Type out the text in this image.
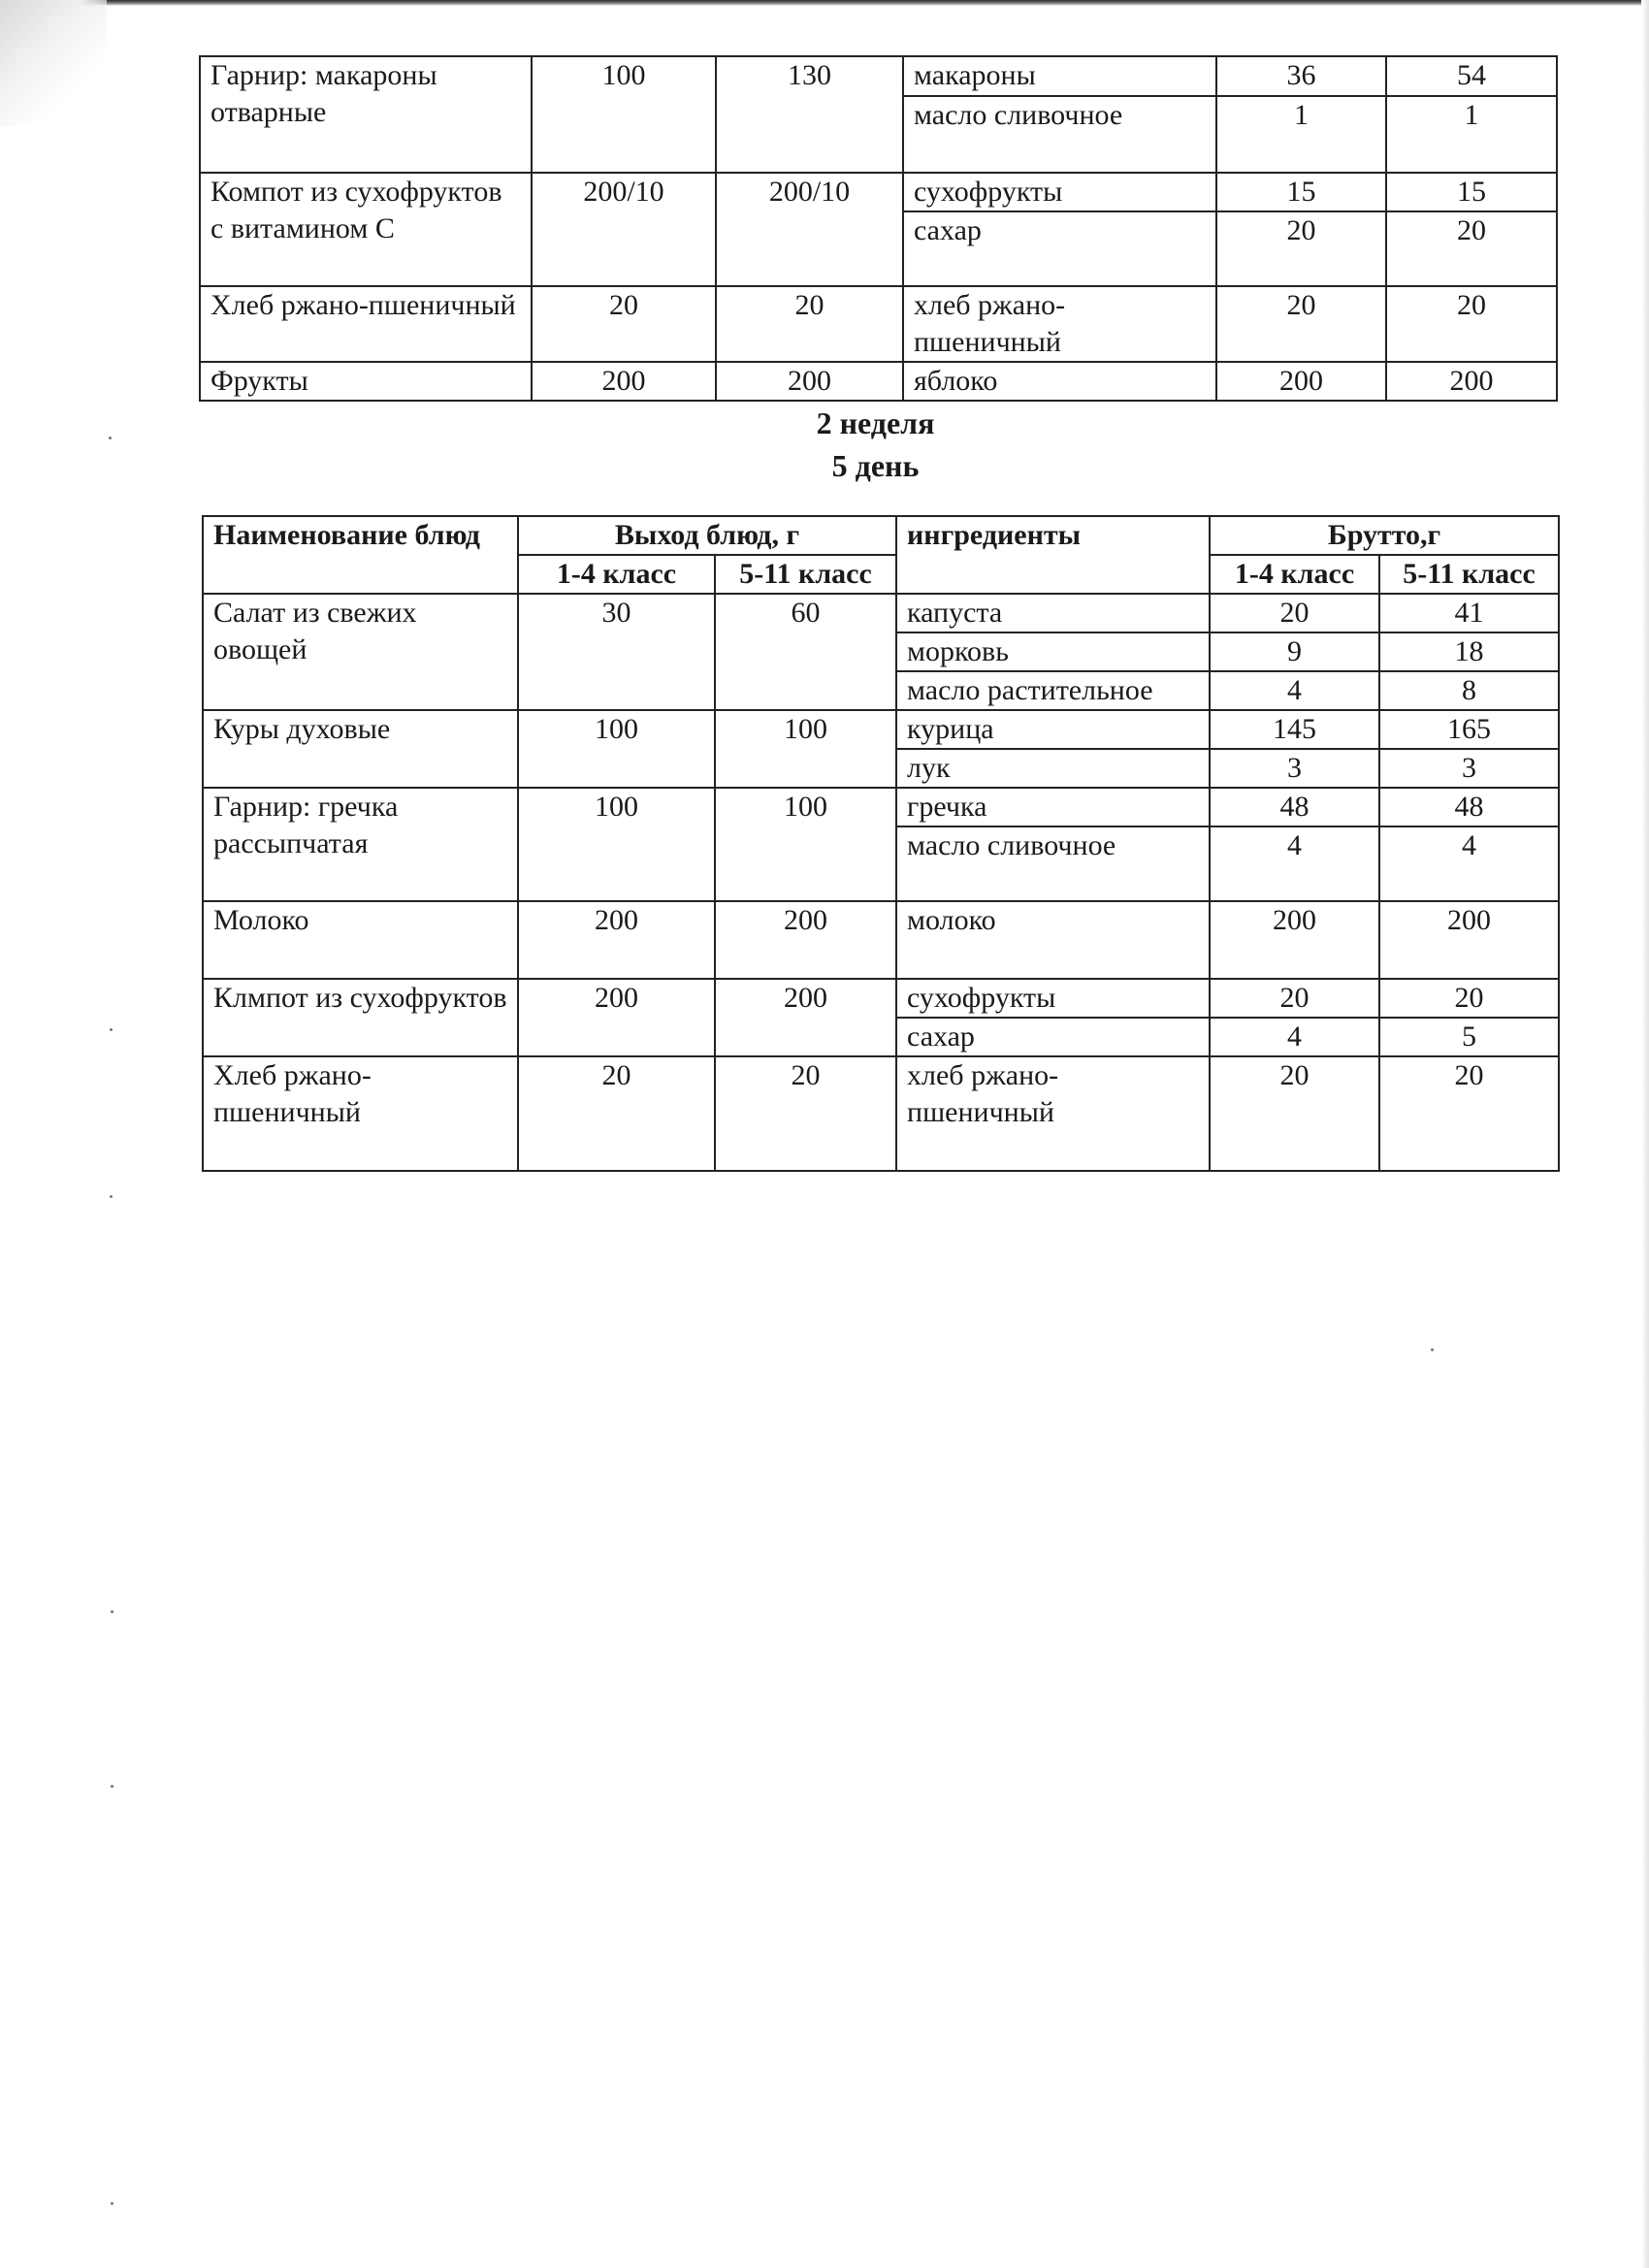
Гарнир: макароны отварные	100	130	макароны	36	54
			масло сливочное	1	1
Компот из сухофруктов с витамином С	200/10	200/10	сухофрукты	15	15
			сахар	20	20
Хлеб ржано-пшеничный	20	20	хлеб ржано-пшеничный	20	20
Фрукты	200	200	яблоко	200	200
2 неделя
5 день
Наименование блюд	Выход блюд, г		ингредиенты	Брутто,г	
	1-4 класс	5-11 класс		1-4 класс	5-11 класс
Салат из свежих овощей	30	60	капуста	20	41
			морковь	9	18
			масло растительное	4	8
Куры духовые	100	100	курица	145	165
			лук	3	3
Гарнир: гречка рассыпчатая	100	100	гречка	48	48
			масло сливочное	4	4
Молоко	200	200	молоко	200	200
Клмпот из сухофруктов	200	200	сухофрукты	20	20
			сахар	4	5
Хлеб ржано-пшеничный	20	20	хлеб ржано-пшеничный	20	20
